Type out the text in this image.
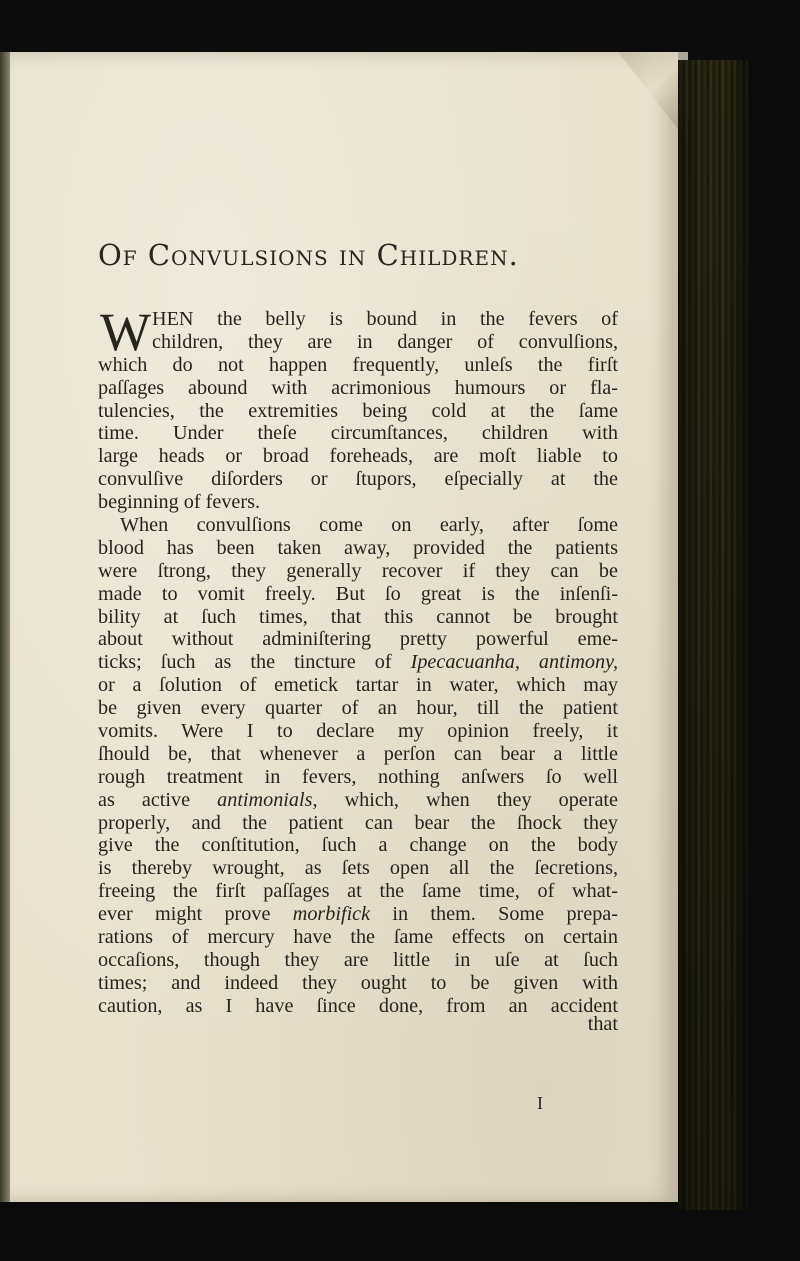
Of Convulsions in Children.
W HEN the belly is bound in the fevers of
children, they are in danger of convulſions,
which do not happen frequently, unleſs the firſt
paſſages abound with acrimonious humours or fla-
tulencies, the extremities being cold at the ſame
time. Under theſe circumſtances, children with
large heads or broad foreheads, are moſt liable to
convulſive diſorders or ſtupors, eſpecially at the
beginning of fevers.
When convulſions come on early, after ſome
blood has been taken away, provided the patients
were ſtrong, they generally recover if they can be
made to vomit freely. But ſo great is the inſenſi-
bility at ſuch times, that this cannot be brought
about without adminiſtering pretty powerful eme-
ticks; ſuch as the tincture of Ipecacuanha, antimony,
or a ſolution of emetick tartar in water, which may
be given every quarter of an hour, till the patient
vomits. Were I to declare my opinion freely, it
ſhould be, that whenever a perſon can bear a little
rough treatment in fevers, nothing anſwers ſo well
as active antimonials, which, when they operate
properly, and the patient can bear the ſhock they
give the conſtitution, ſuch a change on the body
is thereby wrought, as ſets open all the ſecretions,
freeing the firſt paſſages at the ſame time, of what-
ever might prove morbifick in them. Some prepa-
rations of mercury have the ſame effects on certain
occaſions, though they are little in uſe at ſuch
times; and indeed they ought to be given with
caution, as I have ſince done, from an accident
that
I
